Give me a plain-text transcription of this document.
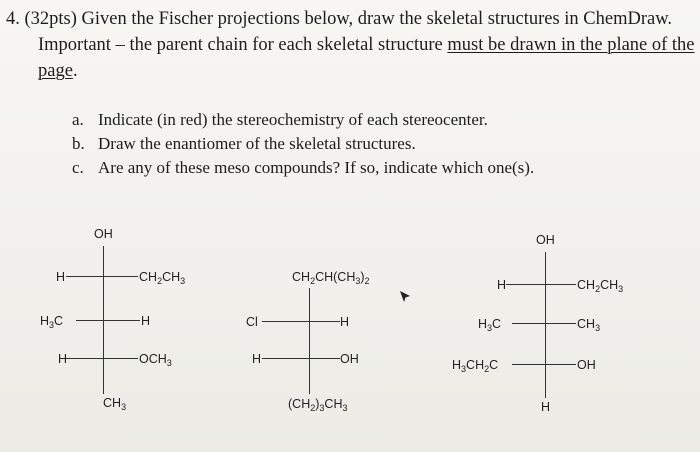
4. (32pts) Given the Fischer projections below, draw the skeletal structures in ChemDraw.
Important – the parent chain for each skeletal structure must be drawn in the plane of the
page.
a. Indicate (in red) the stereochemistry of each stereocenter.
b. Draw the enantiomer of the skeletal structures.
c. Are any of these meso compounds? If so, indicate which one(s).
OH
H	$CH_2CH_3$
$H_3C$	H
H	$OCH_3$
$CH_3$
$CH_2CH(CH_3)_2$
Cl	H
H	OH
$(CH_2)_3CH_3$
OH
H	$CH_2CH_3$
$H_3C$	$CH_3$
$H_3CH_2C$	OH
H
